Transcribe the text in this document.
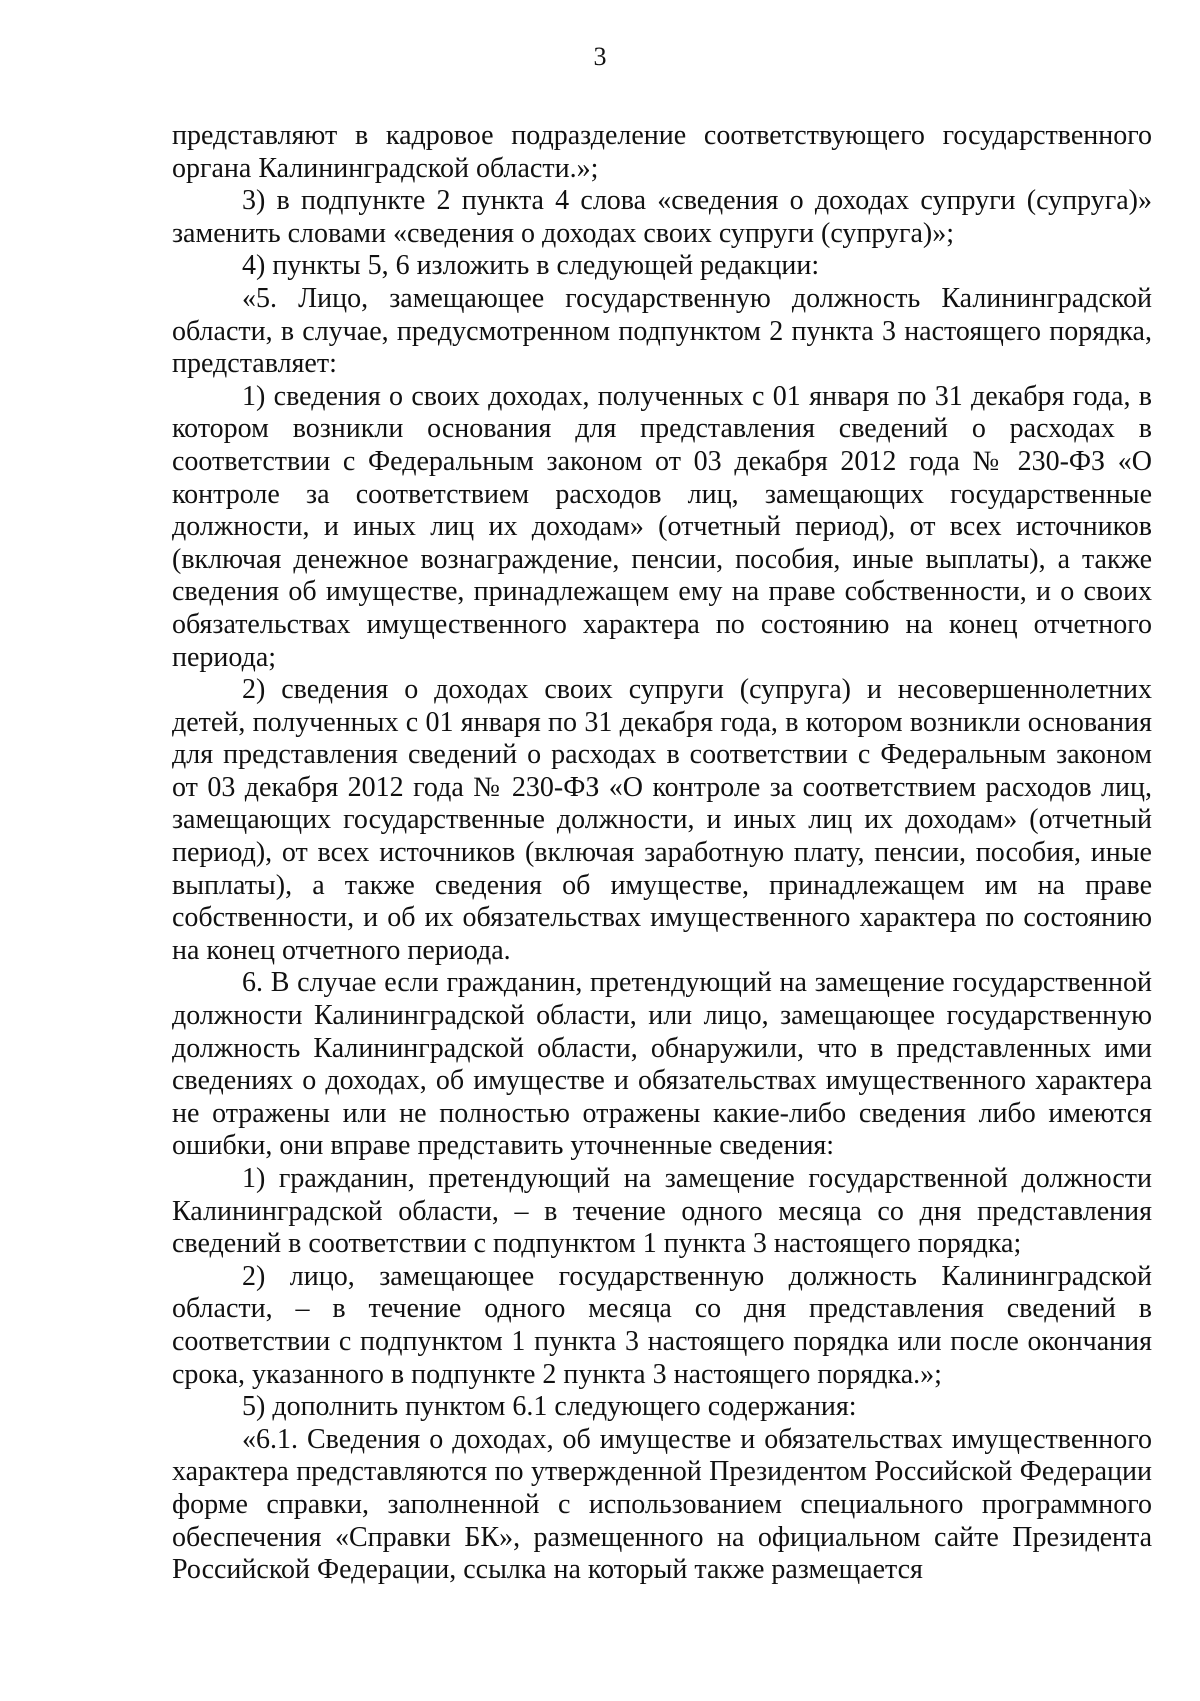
3

представляют в кадровое подразделение соответствующего государственного органа Калининградской области.»;

3) в подпункте 2 пункта 4 слова «сведения о доходах супруги (супруга)» заменить словами «сведения о доходах своих супруги (супруга)»;

4) пункты 5, 6 изложить в следующей редакции:

«5. Лицо, замещающее государственную должность Калининградской области, в случае, предусмотренном подпунктом 2 пункта 3 настоящего порядка, представляет:

1) сведения о своих доходах, полученных с 01 января по 31 декабря года, в котором возникли основания для представления сведений о расходах в соответствии с Федеральным законом от 03 декабря 2012 года № 230-ФЗ «О контроле за соответствием расходов лиц, замещающих государственные должности, и иных лиц их доходам» (отчетный период), от всех источников (включая денежное вознаграждение, пенсии, пособия, иные выплаты), а также сведения об имуществе, принадлежащем ему на праве собственности, и о своих обязательствах имущественного характера по состоянию на конец отчетного периода;

2) сведения о доходах своих супруги (супруга) и несовершеннолетних детей, полученных с 01 января по 31 декабря года, в котором возникли основания для представления сведений о расходах в соответствии с Федеральным законом от 03 декабря 2012 года № 230-ФЗ «О контроле за соответствием расходов лиц, замещающих государственные должности, и иных лиц их доходам» (отчетный период), от всех источников (включая заработную плату, пенсии, пособия, иные выплаты), а также сведения об имуществе, принадлежащем им на праве собственности, и об их обязательствах имущественного характера по состоянию на конец отчетного периода.

6. В случае если гражданин, претендующий на замещение государственной должности Калининградской области, или лицо, замещающее государственную должность Калининградской области, обнаружили, что в представленных ими сведениях о доходах, об имуществе и обязательствах имущественного характера не отражены или не полностью отражены какие-либо сведения либо имеются ошибки, они вправе представить уточненные сведения:

1) гражданин, претендующий на замещение государственной должности Калининградской области, – в течение одного месяца со дня представления сведений в соответствии с подпунктом 1 пункта 3 настоящего порядка;

2) лицо, замещающее государственную должность Калининградской области, – в течение одного месяца со дня представления сведений в соответствии с подпунктом 1 пункта 3 настоящего порядка или после окончания срока, указанного в подпункте 2 пункта 3 настоящего порядка.»;

5) дополнить пунктом 6.1 следующего содержания:

«6.1. Сведения о доходах, об имуществе и обязательствах имущественного характера представляются по утвержденной Президентом Российской Федерации форме справки, заполненной с использованием специального программного обеспечения «Справки БК», размещенного на официальном сайте Президента Российской Федерации, ссылка на который также размещается
